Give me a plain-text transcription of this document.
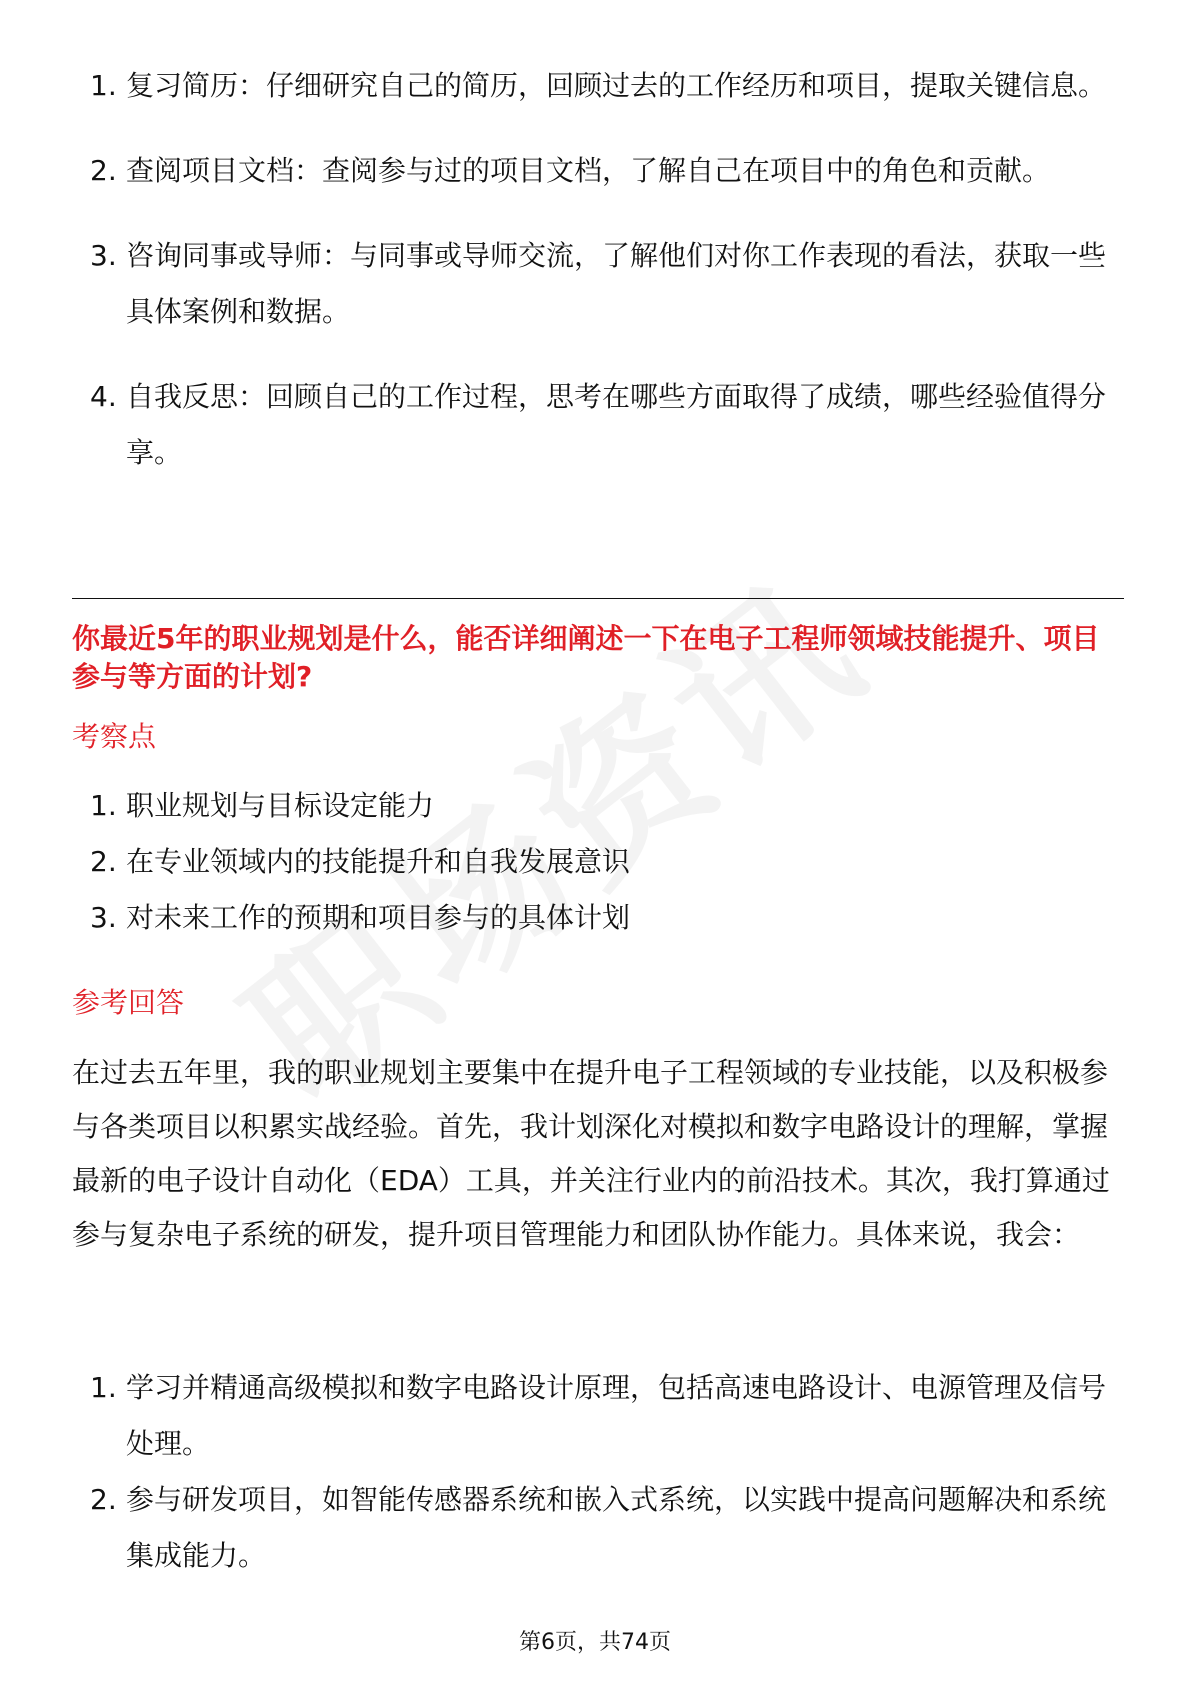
1. 复习简历：仔细研究自己的简历，回顾过去的工作经历和项目，提取关键信息。
2. 查阅项目文档：查阅参与过的项目文档，了解自己在项目中的角色和贡献。
3. 咨询同事或导师：与同事或导师交流，了解他们对你工作表现的看法，获取一些具体案例和数据。
4. 自我反思：回顾自己的工作过程，思考在哪些方面取得了成绩，哪些经验值得分享。
你最近5年的职业规划是什么，能否详细阐述一下在电子工程师领域技能提升、项目参与等方面的计划?
考察点
1. 职业规划与目标设定能力
2. 在专业领域内的技能提升和自我发展意识
3. 对未来工作的预期和项目参与的具体计划
参考回答

在过去五年里，我的职业规划主要集中在提升电子工程领域的专业技能，以及积极参与各类项目以积累实战经验。首先，我计划深化对模拟和数字电路设计的理解，掌握最新的电子设计自动化（EDA）工具，并关注行业内的前沿技术。其次，我打算通过参与复杂电子系统的研发，提升项目管理能力和团队协作能力。具体来说，我会：

1. 学习并精通高级模拟和数字电路设计原理，包括高速电路设计、电源管理及信号处理。
2. 参与研发项目，如智能传感器系统和嵌入式系统，以实践中提高问题解决和系统集成能力。
第6页，共74页
